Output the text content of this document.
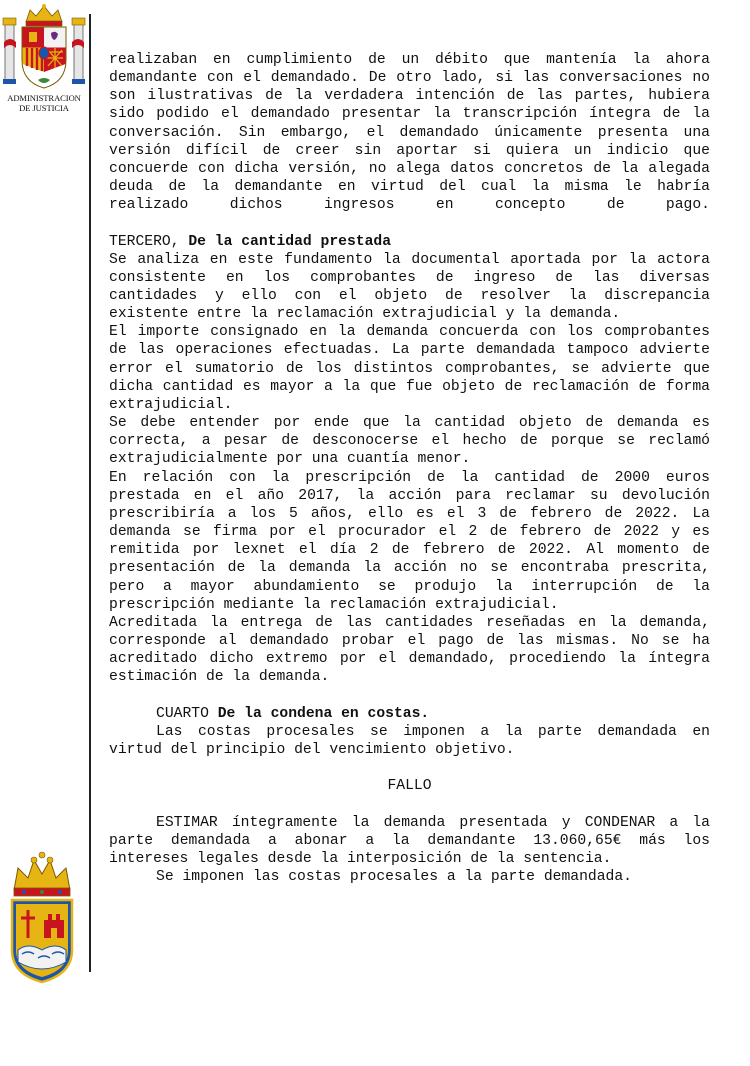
ADMINISTRACION
DE JUSTICIA

realizaban en cumplimiento de un débito que mantenía la ahora demandante con el demandado. De otro lado, si las conversaciones no son ilustrativas de la verdadera intención de las partes, hubiera sido podido el demandado presentar la transcripción íntegra de la conversación. Sin embargo, el demandado únicamente presenta una versión difícil de creer sin aportar si quiera un indicio que concuerde con dicha versión, no alega datos concretos de la alegada deuda de la demandante en virtud del cual la misma le habría realizado dichos ingresos en concepto de pago.

TERCERO, De la cantidad prestada

Se analiza en este fundamento la documental aportada por la actora consistente en los comprobantes de ingreso de las diversas cantidades y ello con el objeto de resolver la discrepancia existente entre la reclamación extrajudicial y la demanda.

El importe consignado en la demanda concuerda con los comprobantes de las operaciones efectuadas. La parte demandada tampoco advierte error el sumatorio de los distintos comprobantes, se advierte que dicha cantidad es mayor a la que fue objeto de reclamación de forma extrajudicial.

Se debe entender por ende que la cantidad objeto de demanda es correcta, a pesar de desconocerse el hecho de porque se reclamó extrajudicialmente por una cuantía menor.

En relación con la prescripción de la cantidad de 2000 euros prestada en el año 2017, la acción para reclamar su devolución prescribiría a los 5 años, ello es el 3 de febrero de 2022. La demanda se firma por el procurador el 2 de febrero de 2022 y es remitida por lexnet el día 2 de febrero de 2022. Al momento de presentación de la demanda la acción no se encontraba prescrita, pero a mayor abundamiento se produjo la interrupción de la prescripción mediante la reclamación extrajudicial.

Acreditada la entrega de las cantidades reseñadas en la demanda, corresponde al demandado probar el pago de las mismas. No se ha acreditado dicho extremo por el demandado, procediendo la íntegra estimación de la demanda.

CUARTO De la condena en costas.

Las costas procesales se imponen a la parte demandada en virtud del principio del vencimiento objetivo.

FALLO

ESTIMAR íntegramente la demanda presentada y CONDENAR a la parte demandada a abonar a la demandante 13.060,65€ más los intereses legales desde la interposición de la sentencia.

Se imponen las costas procesales a la parte demandada.
